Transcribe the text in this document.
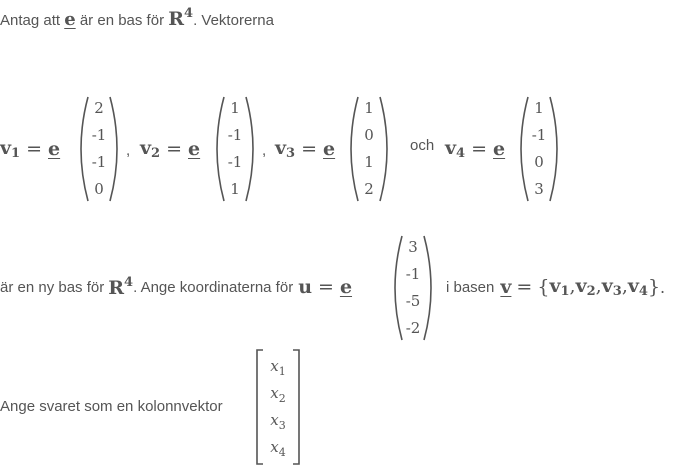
Antag att e är en bas för $R^4$. Vektorerna
$v_1 = e$
2
-1
-1
0
, $v_2 = e$
1
-1
-1
1
, $v_3 = e$
1
0
1
2
och $v_4 = e$
1
-1
0
3
är en ny bas för $R^4$ . Ange koordinaterna för u = e
3
-1
-5
-2
i basen v = { $v_1$ , $v_2$ , $v_3$ , $v_4$ } .
Ange svaret som en kolonnvektor
$x_1$
$x_2$
$x_3$
$x_4$
